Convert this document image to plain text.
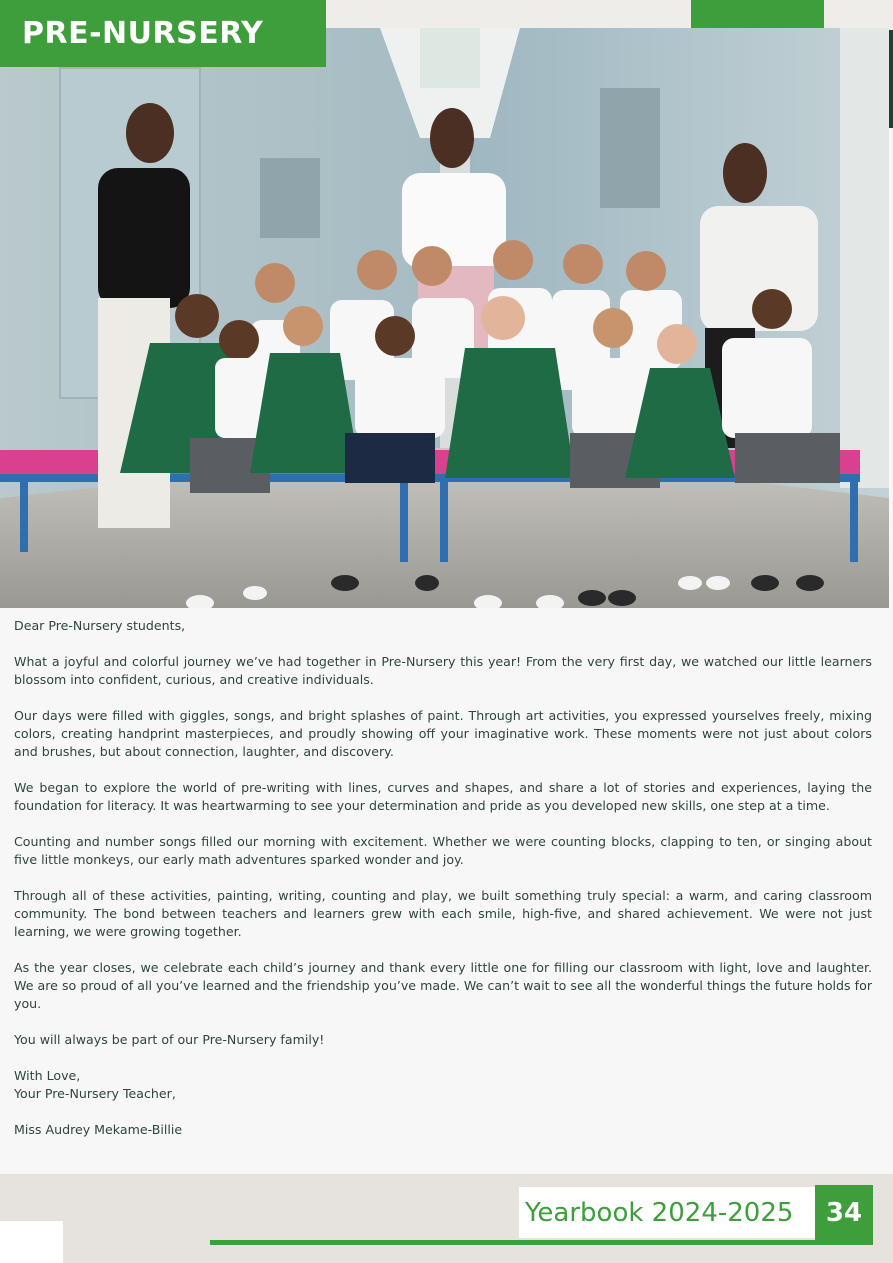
PRE-NURSERY

Dear Pre-Nursery students,

What a joyful and colorful journey we’ve had together in Pre-Nursery this year! From the very first day, we watched our little learners blossom into confident, curious, and creative individuals.

Our days were filled with giggles, songs, and bright splashes of paint. Through art activities, you expressed yourselves freely, mixing colors, creating handprint masterpieces, and proudly showing off your imaginative work. These moments were not just about colors and brushes, but about connection, laughter, and discovery.

We began to explore the world of pre-writing with lines, curves and shapes, and share a lot of stories and experiences, laying the foundation for literacy. It was heartwarming to see your determination and pride as you developed new skills, one step at a time.

Counting and number songs filled our morning with excitement. Whether we were counting blocks, clapping to ten, or singing about five little monkeys, our early math adventures sparked wonder and joy.

Through all of these activities, painting, writing, counting and play, we built something truly special: a warm, and caring classroom community. The bond between teachers and learners grew with each smile, high-five, and shared achievement. We were not just learning, we were growing together.

As the year closes, we celebrate each child’s journey and thank every little one for filling our classroom with light, love and laughter. We are so proud of all you’ve learned and the friendship you’ve made. We can’t wait to see all the wonderful things the future holds for you.

You will always be part of our Pre-Nursery family!

With Love,
Your Pre-Nursery Teacher,
Miss Audrey Mekame-Billie
Yearbook 2024-2025 34
